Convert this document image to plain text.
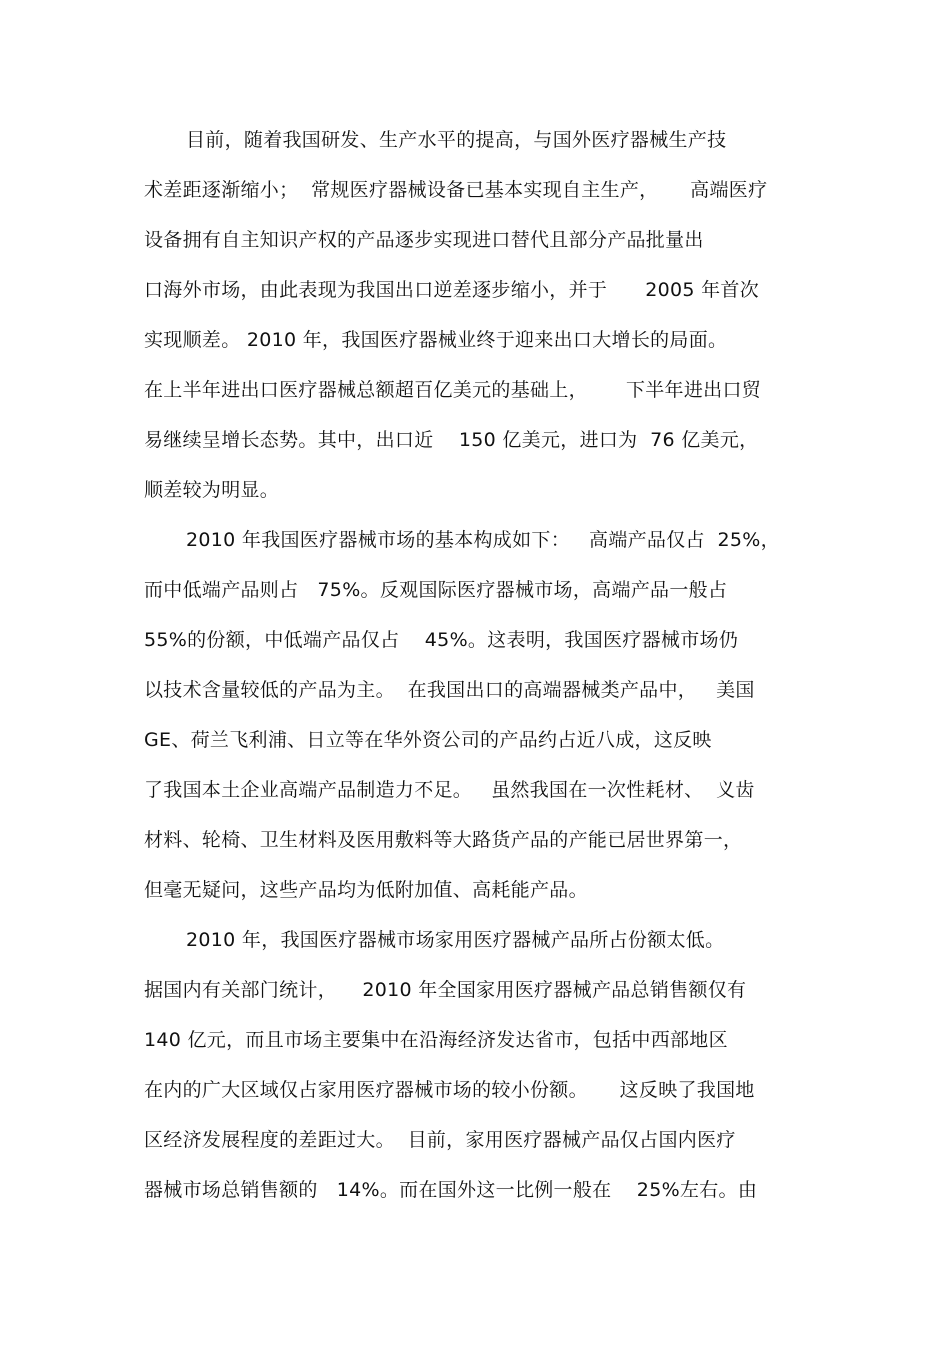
目前，随着我国研发、生产水平的提高，与国外医疗器械生产技
术差距逐渐缩小；  常规医疗器械设备已基本实现自主生产，     高端医疗
设备拥有自主知识产权的产品逐步实现进口替代且部分产品批量出
口海外市场，由此表现为我国出口逆差逐步缩小，并于      2005 年首次
实现顺差。 2010 年，我国医疗器械业终于迎来出口大增长的局面。
在上半年进出口医疗器械总额超百亿美元的基础上，      下半年进出口贸
易继续呈增长态势。其中，出口近    150 亿美元，进口为  76 亿美元，
顺差较为明显。
2010 年我国医疗器械市场的基本构成如下：   高端产品仅占  25%，
而中低端产品则占   75%。反观国际医疗器械市场，高端产品一般占
55%的份额，中低端产品仅占    45%。这表明，我国医疗器械市场仍
以技术含量较低的产品为主。  在我国出口的高端器械类产品中，   美国
GE、荷兰飞利浦、日立等在华外资公司的产品约占近八成，这反映
了我国本土企业高端产品制造力不足。   虽然我国在一次性耗材、  义齿
材料、轮椅、卫生材料及医用敷料等大路货产品的产能已居世界第一，
但毫无疑问，这些产品均为低附加值、高耗能产品。
2010 年，我国医疗器械市场家用医疗器械产品所占份额太低。
据国内有关部门统计，    2010 年全国家用医疗器械产品总销售额仅有
140 亿元，而且市场主要集中在沿海经济发达省市，包括中西部地区
在内的广大区域仅占家用医疗器械市场的较小份额。     这反映了我国地
区经济发展程度的差距过大。  目前，家用医疗器械产品仅占国内医疗
器械市场总销售额的   14%。而在国外这一比例一般在    25%左右。由
